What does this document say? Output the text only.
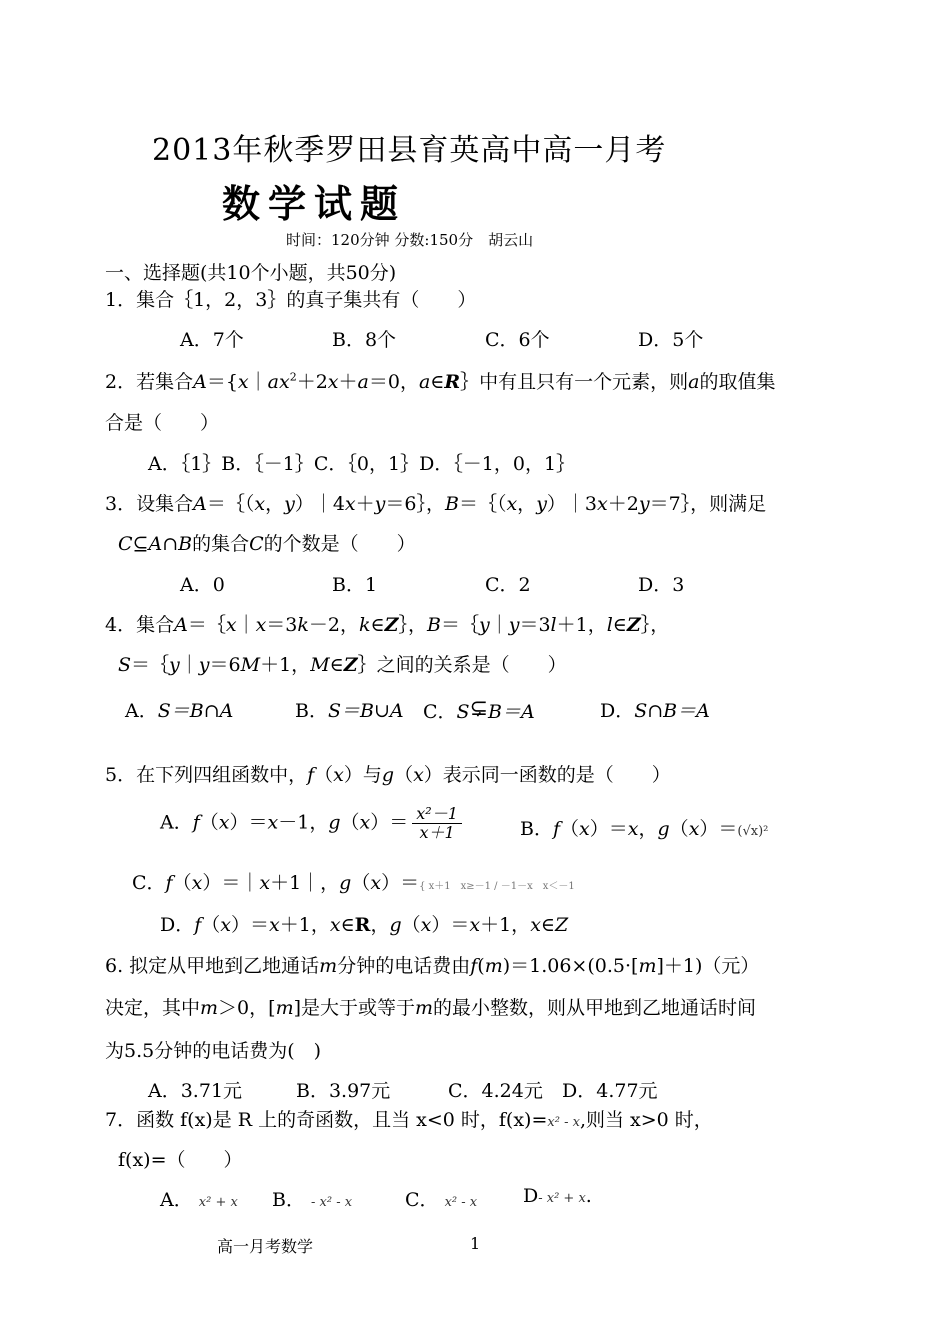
2013年秋季罗田县育英高中高一月考
数学试题
时间：120分钟 分数:150分　胡云山
一、选择题(共10个小题，共50分)
1．集合｛1，2，3｝的真子集共有（　　）
A．7个	B．8个	C．6个	D．5个
2．若集合$A=\{x|ax^2+2x+a=0$，a∈R｝中有且只有一个元素，则a的取值集
合是（　　）
A．｛1｝B．｛－1｝C．｛0，1｝D．｛－1，0，1｝
3．设集合A＝｛（x，y）｜4x＋y＝6｝，B＝｛（x，y）｜3x＋2y＝7｝，则满足
C⊆A∩B的集合C的个数是（　　）
A．0	B．1	C．2	D．3
4．集合A＝｛x｜x＝3k－2，k∈Z｝，B＝｛y｜y＝3l＋1，l∈Z｝，
S＝｛y｜y＝6M＋1，M∈Z｝之间的关系是（　　）
A．S＝B∩A	B．S＝B∪A C．S⊊B＝A	D．S∩B＝A
5．在下列四组函数中，f（x）与g（x）表示同一函数的是（　　）
A．f（x）＝x－1，$g(x)= \frac{\text{x²－1}}{x+1}$	B．f（x）＝x，g（x）＝(√x)²
C．f（x）＝｜x＋1｜，g（x）＝{ x＋1　x≥－1 / －1－x　x＜－1
D．f（x）＝x＋1，x∈R，g（x）＝x＋1，x∈Z
6. 拟定从甲地到乙地通话m分钟的电话费由f(m)＝1.06×(0.5·[m]＋1)（元）
决定，其中m＞0，[m]是大于或等于m的最小整数，则从甲地到乙地通话时间
为5.5分钟的电话费为(　)
A．3.71元	B．3.97元	C．4.24元 D．4.77元
7．函数 f(x)是 R 上的奇函数，且当 x<0 时，f(x)=x² - x,则当 x>0 时，
f(x)=（　　）
A． x² + x B． - x² - x	C． x² - x D- x² + x.
高一月考数学	1
